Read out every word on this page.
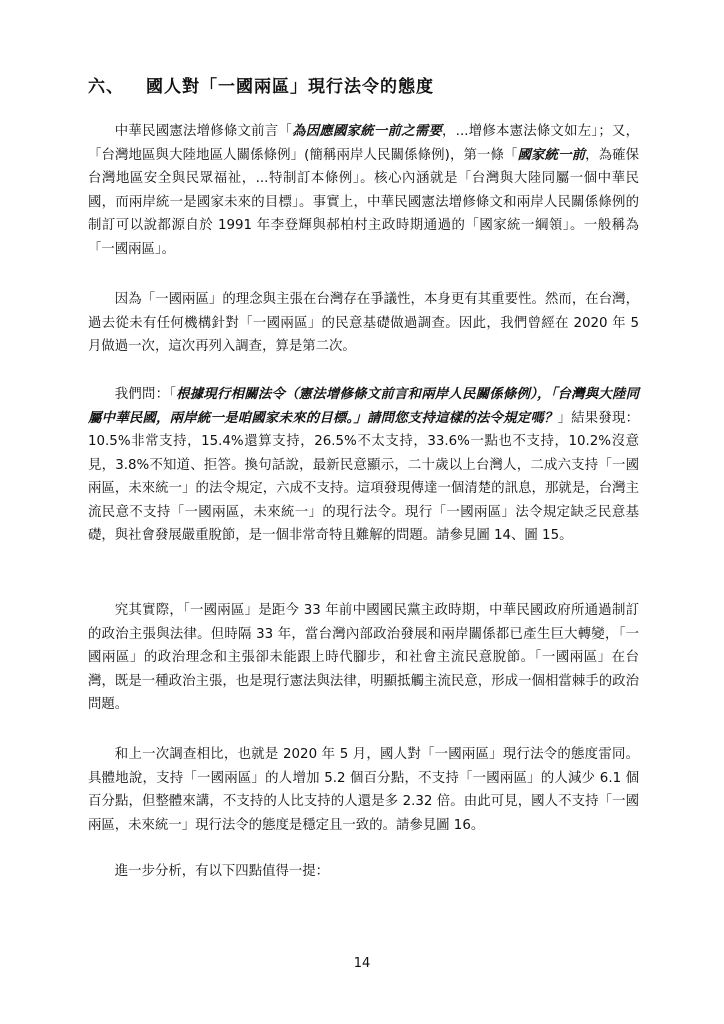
六、 國人對「一國兩區」現行法令的態度
中華民國憲法增修條文前言「為因應國家統一前之需要，...增修本憲法條文如左」；又，「台灣地區與大陸地區人關係條例」(簡稱兩岸人民關係條例)，第一條「國家統一前，為確保台灣地區安全與民眾福祉，...特制訂本條例」。核心內涵就是「台灣與大陸同屬一個中華民國，而兩岸統一是國家未來的目標」。事實上，中華民國憲法增修條文和兩岸人民關係條例的制訂可以說都源自於 1991 年李登輝與郝柏村主政時期通過的「國家統一綱領」。一般稱為「一國兩區」。
因為「一國兩區」的理念與主張在台灣存在爭議性，本身更有其重要性。然而，在台灣，過去從未有任何機構針對「一國兩區」的民意基礎做過調查。因此，我們曾經在 2020 年 5 月做過一次，這次再列入調查，算是第二次。
我們問：「根據現行相關法令（憲法增修條文前言和兩岸人民關係條例），「台灣與大陸同屬中華民國，兩岸統一是咱國家未來的目標。」請問您支持這樣的法令規定嗎？」結果發現：10.5%非常支持，15.4%還算支持，26.5%不太支持，33.6%一點也不支持，10.2%沒意見，3.8%不知道、拒答。換句話說，最新民意顯示，二十歲以上台灣人，二成六支持「一國兩區，未來統一」的法令規定，六成不支持。這項發現傳達一個清楚的訊息，那就是，台灣主流民意不支持「一國兩區，未來統一」的現行法令。現行「一國兩區」法令規定缺乏民意基礎，與社會發展嚴重脫節，是一個非常奇特且難解的問題。請參見圖 14、圖 15。
究其實際，「一國兩區」是距今 33 年前中國國民黨主政時期，中華民國政府所通過制訂的政治主張與法律。但時隔 33 年，當台灣內部政治發展和兩岸關係都已產生巨大轉變，「一國兩區」的政治理念和主張卻未能跟上時代腳步，和社會主流民意脫節。「一國兩區」在台灣，既是一種政治主張，也是現行憲法與法律，明顯抵觸主流民意，形成一個相當棘手的政治問題。
和上一次調查相比，也就是 2020 年 5 月，國人對「一國兩區」現行法令的態度雷同。具體地說，支持「一國兩區」的人增加 5.2 個百分點，不支持「一國兩區」的人減少 6.1 個百分點，但整體來講，不支持的人比支持的人還是多 2.32 倍。由此可見，國人不支持「一國兩區，未來統一」現行法令的態度是穩定且一致的。請參見圖 16。
進一步分析，有以下四點值得一提：
14
